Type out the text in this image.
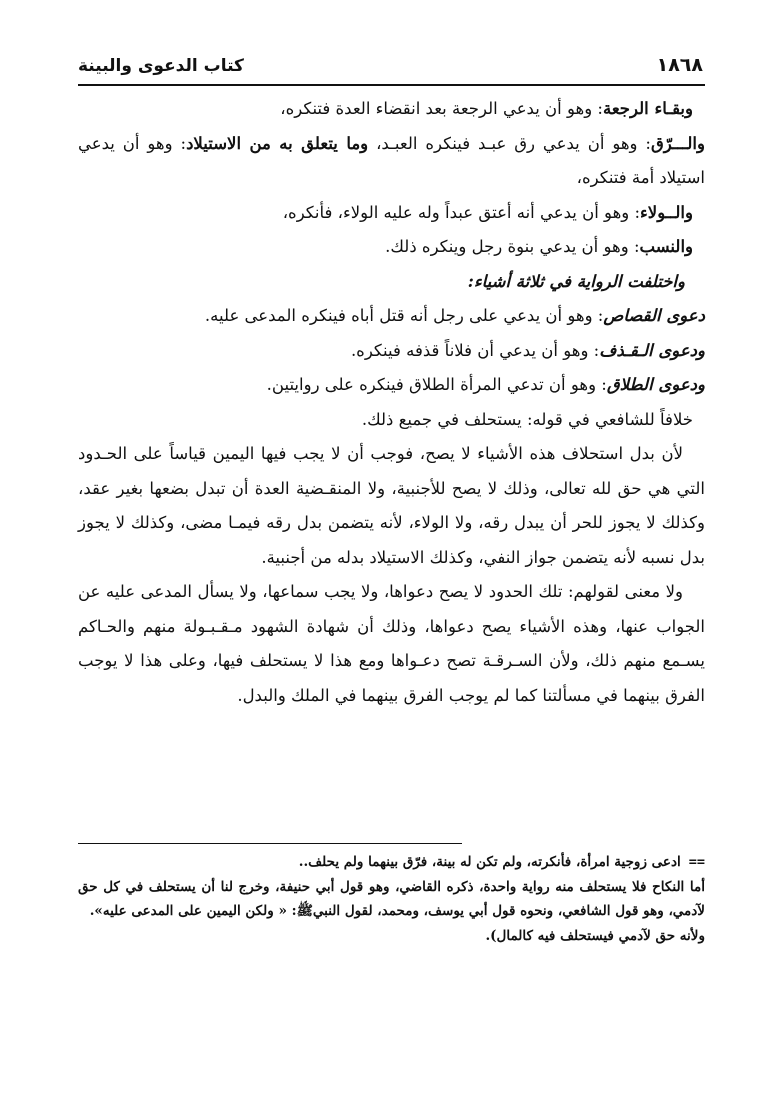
كتاب الدعوى والبينة	١٨٦٨

وبقـاء الرجعة: وهو أن يدعي الرجعة بعد انقضاء العدة فتنكره،

والـــرّق: وهو أن يدعي رق عبـد فينكره العبـد، وما يتعلق به من الاستيلاد: وهو أن يدعي استيلاد أمة فتنكره،

والــولاء: وهو أن يدعي أنه أعتق عبداً وله عليه الولاء، فأنكره،

والنسب: وهو أن يدعي بنوة رجل وينكره ذلك.

واختلفت الرواية في ثلاثة أشياء:

دعوى القصاص: وهو أن يدعي على رجل أنه قتل أباه فينكره المدعى عليه.

ودعوى الـقـذف: وهو أن يدعي أن فلاناً قذفه فينكره.

ودعوى الطلاق: وهو أن تدعي المرأة الطلاق فينكره على روايتين.

خلافاً للشافعي في قوله: يستحلف في جميع ذلك.

لأن بدل استحلاف هذه الأشياء لا يصح، فوجب أن لا يجب فيها اليمين قياساً على الحـدود التي هي حق لله تعالى، وذلك لا يصح للأجنبية، ولا المنقـضية العدة أن تبدل بضعها بغير عقد، وكذلك لا يجوز للحر أن يبدل رقه، ولا الولاء، لأنه يتضمن بدل رقه فيمـا مضى، وكذلك لا يجوز بدل نسبه لأنه يتضمن جواز النفي، وكذلك الاستيلاد بدله من أجنبية.

ولا معنى لقولهم: تلك الحدود لا يصح دعواها، ولا يجب سماعها، ولا يسأل المدعى عليه عن الجواب عنها، وهذه الأشياء يصح دعواها، وذلك أن شهادة الشهود مـقـبـولة منهم والحـاكم يسـمع منهم ذلك، ولأن السـرقـة تصح دعـواها ومع هذا لا يستحلف فيها، وعلى هذا لا يوجب الفرق بينهما في مسألتنا كما لم يوجب الفرق بينهما في الملك والبدل.

==ادعى زوجية امرأة، فأنكرته، ولم تكن له بينة، فرّق بينهما ولم يحلف..

أما النكاح فلا يستحلف منه رواية واحدة، ذكره القاضي، وهو قول أبي حنيفة، وخرج لنا أن يستحلف في كل حق لآدمي، وهو قول الشافعي، ونحوه قول أبي يوسف، ومحمد، لقول النبيﷺ: « ولكن اليمين على المدعى عليه».

ولأنه حق لآدمي فيستحلف فيه كالمال).
